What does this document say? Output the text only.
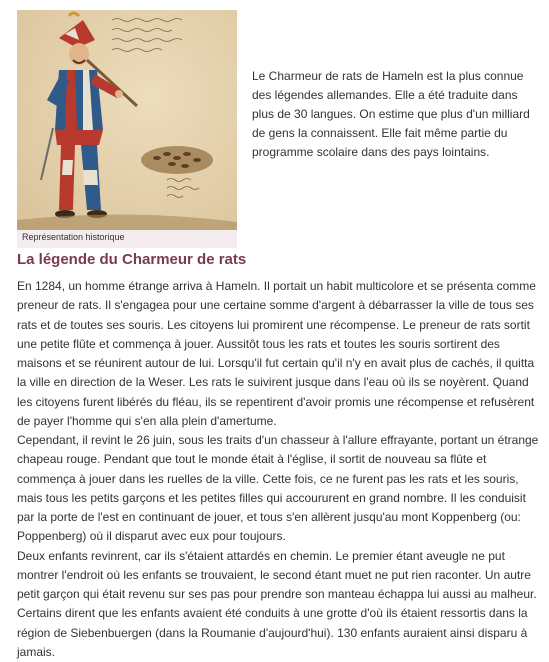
Représentation historique
Le Charmeur de rats de Hameln est la plus connue des légendes allemandes. Elle a été traduite dans plus de 30 langues. On estime que plus d'un milliard de gens la connaissent. Elle fait même partie du programme scolaire dans des pays lointains.
La légende du Charmeur de rats

En 1284, un homme étrange arriva à Hameln. Il portait un habit multicolore et se présenta comme preneur de rats. Il s'engagea pour une certaine somme d'argent à débarrasser la ville de tous ses rats et de toutes ses souris. Les citoyens lui promirent une récompense. Le preneur de rats sortit une petite flûte et commença à jouer. Aussitôt tous les rats et toutes les souris sortirent des maisons et se réunirent autour de lui. Lorsqu'il fut certain qu'il n'y en avait plus de cachés, il quitta la ville en direction de la Weser. Les rats le suivirent jusque dans l'eau où ils se noyèrent. Quand les citoyens furent libérés du fléau, ils se repentirent d'avoir promis une récompense et refusèrent de payer l'homme qui s'en alla plein d'amertume.

Cependant, il revint le 26 juin, sous les traits d'un chasseur à l'allure effrayante, portant un étrange chapeau rouge. Pendant que tout le monde était à l'église, il sortit de nouveau sa flûte et commença à jouer dans les ruelles de la ville. Cette fois, ce ne furent pas les rats et les souris, mais tous les petits garçons et les petites filles qui accoururent en grand nombre. Il les conduisit par la porte de l'est en continuant de jouer, et tous s'en allèrent jusqu'au mont Koppenberg (ou: Poppenberg) où il disparut avec eux pour toujours.

Deux enfants revinrent, car ils s'étaient attardés en chemin. Le premier étant aveugle ne put montrer l'endroit où les enfants se trouvaient, le second étant muet ne put rien raconter. Un autre petit garçon qui était revenu sur ses pas pour prendre son manteau échappa lui aussi au malheur. Certains dirent que les enfants avaient été conduits à une grotte d'où ils étaient ressortis dans la région de Siebenbuergen (dans la Roumanie d'aujourd'hui). 130 enfants auraient ainsi disparu à jamais.
